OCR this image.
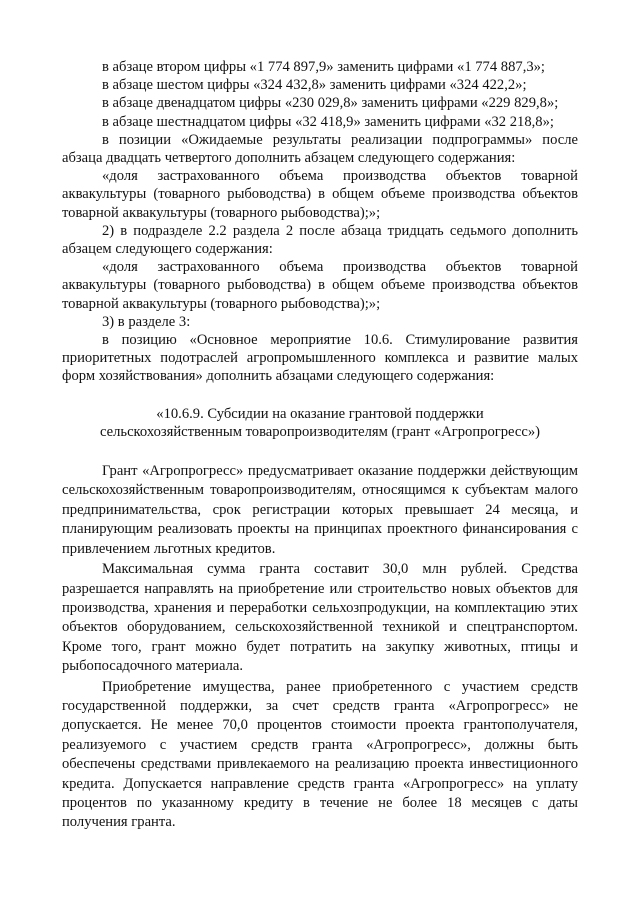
в абзаце втором цифры «1 774 897,9» заменить цифрами «1 774 887,3»;

в абзаце шестом цифры «324 432,8» заменить цифрами «324 422,2»;

в абзаце двенадцатом цифры «230 029,8» заменить цифрами «229 829,8»;

в абзаце шестнадцатом цифры «32 418,9» заменить цифрами «32 218,8»;

в позиции «Ожидаемые результаты реализации подпрограммы» после абзаца двадцать четвертого дополнить абзацем следующего содержания:

«доля застрахованного объема производства объектов товарной аквакультуры (товарного рыбоводства) в общем объеме производства объектов товарной аквакультуры (товарного рыбоводства);»;

2) в подразделе 2.2 раздела 2 после абзаца тридцать седьмого дополнить абзацем следующего содержания:

«доля застрахованного объема производства объектов товарной аквакультуры (товарного рыбоводства) в общем объеме производства объектов товарной аквакультуры (товарного рыбоводства);»;

3) в разделе 3:

в позицию «Основное мероприятие 10.6. Стимулирование развития приоритетных подотраслей агропромышленного комплекса и развитие малых форм хозяйствования» дополнить абзацами следующего содержания:

«10.6.9. Субсидии на оказание грантовой поддержки
сельскохозяйственным товаропроизводителям (грант «Агропрогресс»)

Грант «Агропрогресс» предусматривает оказание поддержки действующим сельскохозяйственным товаропроизводителям, относящимся к субъектам малого предпринимательства, срок регистрации которых превышает 24 месяца, и планирующим реализовать проекты на принципах проектного финансирования с привлечением льготных кредитов.

Максимальная сумма гранта составит 30,0 млн рублей. Средства разрешается направлять на приобретение или строительство новых объектов для производства, хранения и переработки сельхозпродукции, на комплектацию этих объектов оборудованием, сельскохозяйственной техникой и спецтранспортом. Кроме того, грант можно будет потратить на закупку животных, птицы и рыбопосадочного материала.

Приобретение имущества, ранее приобретенного с участием средств государственной поддержки, за счет средств гранта «Агропрогресс» не допускается. Не менее 70,0 процентов стоимости проекта грантополучателя, реализуемого с участием средств гранта «Агропрогресс», должны быть обеспечены средствами привлекаемого на реализацию проекта инвестиционного кредита. Допускается направление средств гранта «Агропрогресс» на уплату процентов по указанному кредиту в течение не более 18 месяцев с даты получения гранта.
